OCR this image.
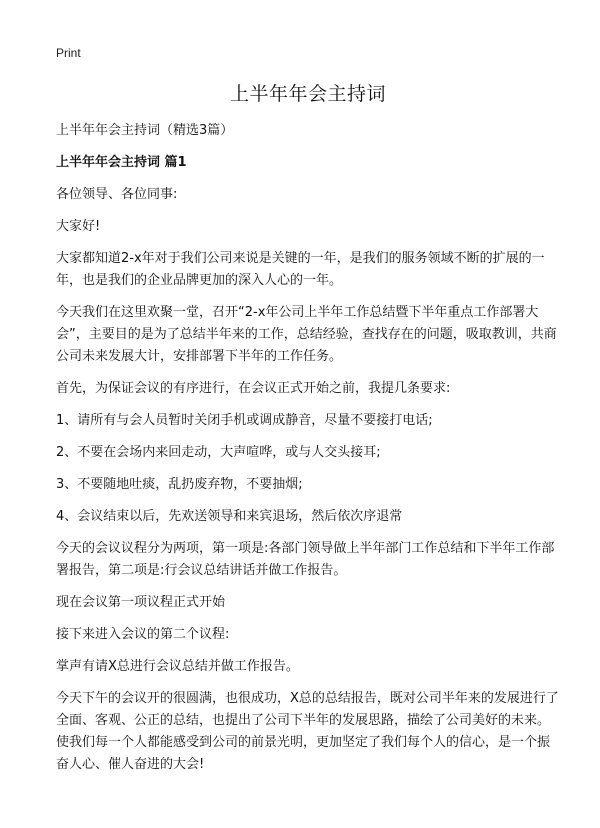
Print
上半年年会主持词

上半年年会主持词（精选3篇）

上半年年会主持词 篇1

各位领导、各位同事:

大家好!

大家都知道2-x年对于我们公司来说是关键的一年，是我们的服务领域不断的扩展的一年，也是我们的企业品牌更加的深入人心的一年。

今天我们在这里欢聚一堂，召开“2-x年公司上半年工作总结暨下半年重点工作部署大会”，主要目的是为了总结半年来的工作，总结经验，查找存在的问题，吸取教训，共商公司未来发展大计，安排部署下半年的工作任务。

首先，为保证会议的有序进行，在会议正式开始之前，我提几条要求:

1、请所有与会人员暂时关闭手机或调成静音，尽量不要接打电话;

2、不要在会场内来回走动，大声喧哗，或与人交头接耳;

3、不要随地吐痰，乱扔废弃物，不要抽烟;

4、会议结束以后，先欢送领导和来宾退场，然后依次序退常

今天的会议议程分为两项，第一项是:各部门领导做上半年部门工作总结和下半年工作部署报告，第二项是:行会议总结讲话并做工作报告。

现在会议第一项议程正式开始

接下来进入会议的第二个议程:

掌声有请X总进行会议总结并做工作报告。

今天下午的会议开的很圆满，也很成功，X总的总结报告，既对公司半年来的发展进行了全面、客观、公正的总结，也提出了公司下半年的发展思路，描绘了公司美好的未来。使我们每一个人都能感受到公司的前景光明，更加坚定了我们每个人的信心，是一个振奋人心、催人奋进的大会!
